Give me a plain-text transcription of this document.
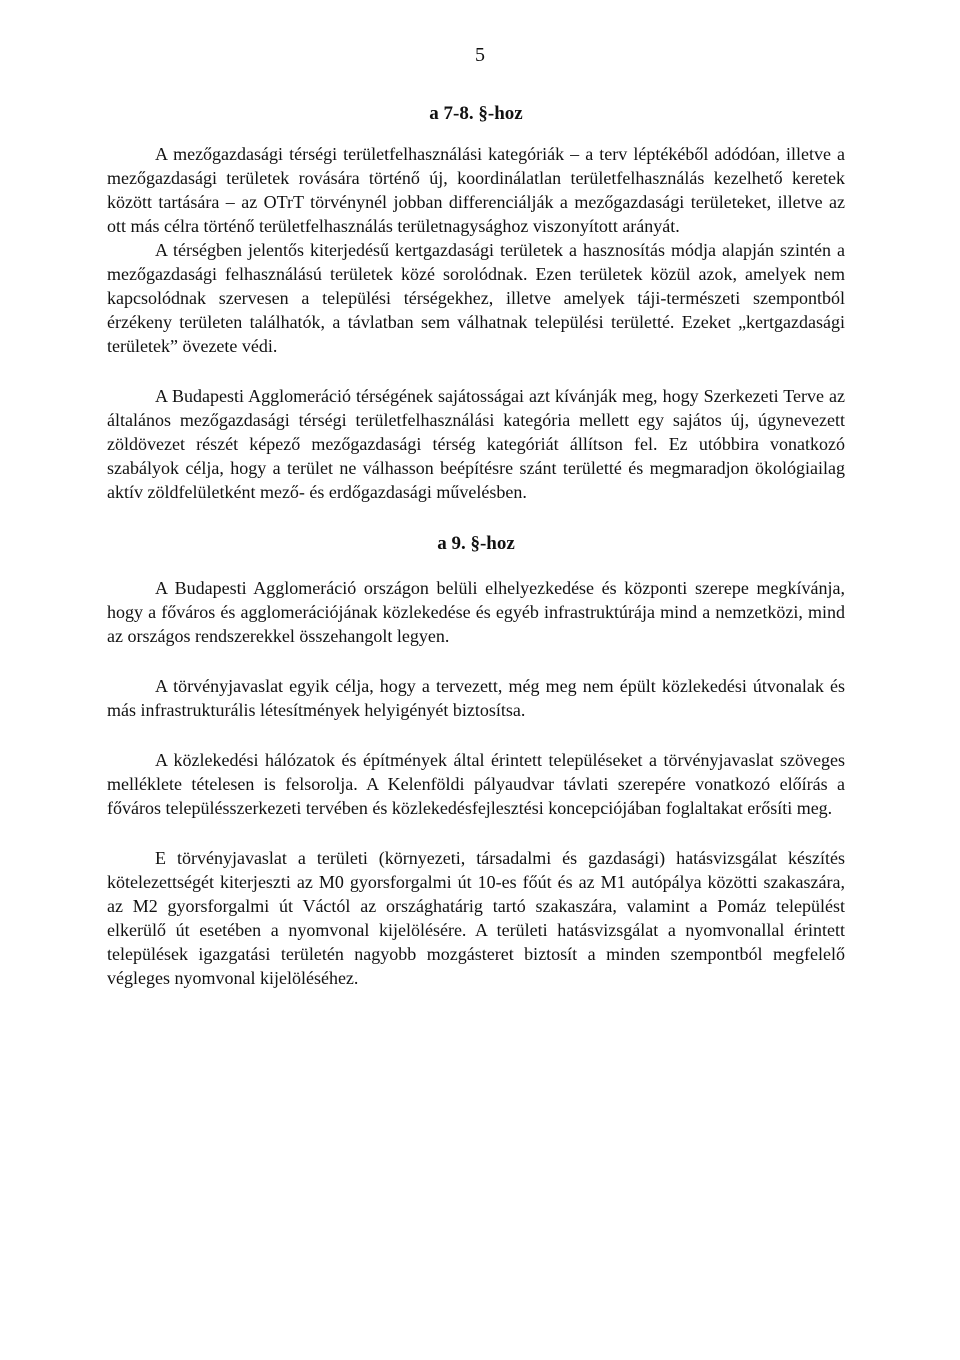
5
a 7-8. §-hoz

A mezőgazdasági térségi területfelhasználási kategóriák – a terv léptékéből adódóan, illetve a mezőgazdasági területek rovására történő új, koordinálatlan területfelhasználás kezelhető keretek között tartására – az OTrT törvénynél jobban differenciálják a mezőgazdasági területeket, illetve az ott más célra történő területfelhasználás területnagysághoz viszonyított arányát.

A térségben jelentős kiterjedésű kertgazdasági területek a hasznosítás módja alapján szintén a mezőgazdasági felhasználású területek közé sorolódnak. Ezen területek közül azok, amelyek nem kapcsolódnak szervesen a települési térségekhez, illetve amelyek táji-természeti szempontból érzékeny területen találhatók, a távlatban sem válhatnak települési területté. Ezeket „kertgazdasági területek” övezete védi.

A Budapesti Agglomeráció térségének sajátosságai azt kívánják meg, hogy Szerkezeti Terve az általános mezőgazdasági térségi területfelhasználási kategória mellett egy sajátos új, úgynevezett zöldövezet részét képező mezőgazdasági térség kategóriát állítson fel. Ez utóbbira vonatkozó szabályok célja, hogy a terület ne válhasson beépítésre szánt területté és megmaradjon ökológiailag aktív zöldfelületként mező- és erdőgazdasági művelésben.

a 9. §-hoz

A Budapesti Agglomeráció országon belüli elhelyezkedése és központi szerepe megkívánja, hogy a főváros és agglomerációjának közlekedése és egyéb infrastruktúrája mind a nemzetközi, mind az országos rendszerekkel összehangolt legyen.

A törvényjavaslat egyik célja, hogy a tervezett, még meg nem épült közlekedési útvonalak és más infrastrukturális létesítmények helyigényét biztosítsa.

A közlekedési hálózatok és építmények által érintett településeket a törvényjavaslat szöveges melléklete tételesen is felsorolja. A Kelenföldi pályaudvar távlati szerepére vonatkozó előírás a főváros településszerkezeti tervében és közlekedésfejlesztési koncepciójában foglaltakat erősíti meg.

E törvényjavaslat a területi (környezeti, társadalmi és gazdasági) hatásvizsgálat készítés kötelezettségét kiterjeszti az M0 gyorsforgalmi út 10-es főút és az M1 autópálya közötti szakaszára, az M2 gyorsforgalmi út Váctól az országhatárig tartó szakaszára, valamint a Pomáz települést elkerülő út esetében a nyomvonal kijelölésére. A területi hatásvizsgálat a nyomvonallal érintett települések igazgatási területén nagyobb mozgásteret biztosít a minden szempontból megfelelő végleges nyomvonal kijelöléséhez.
